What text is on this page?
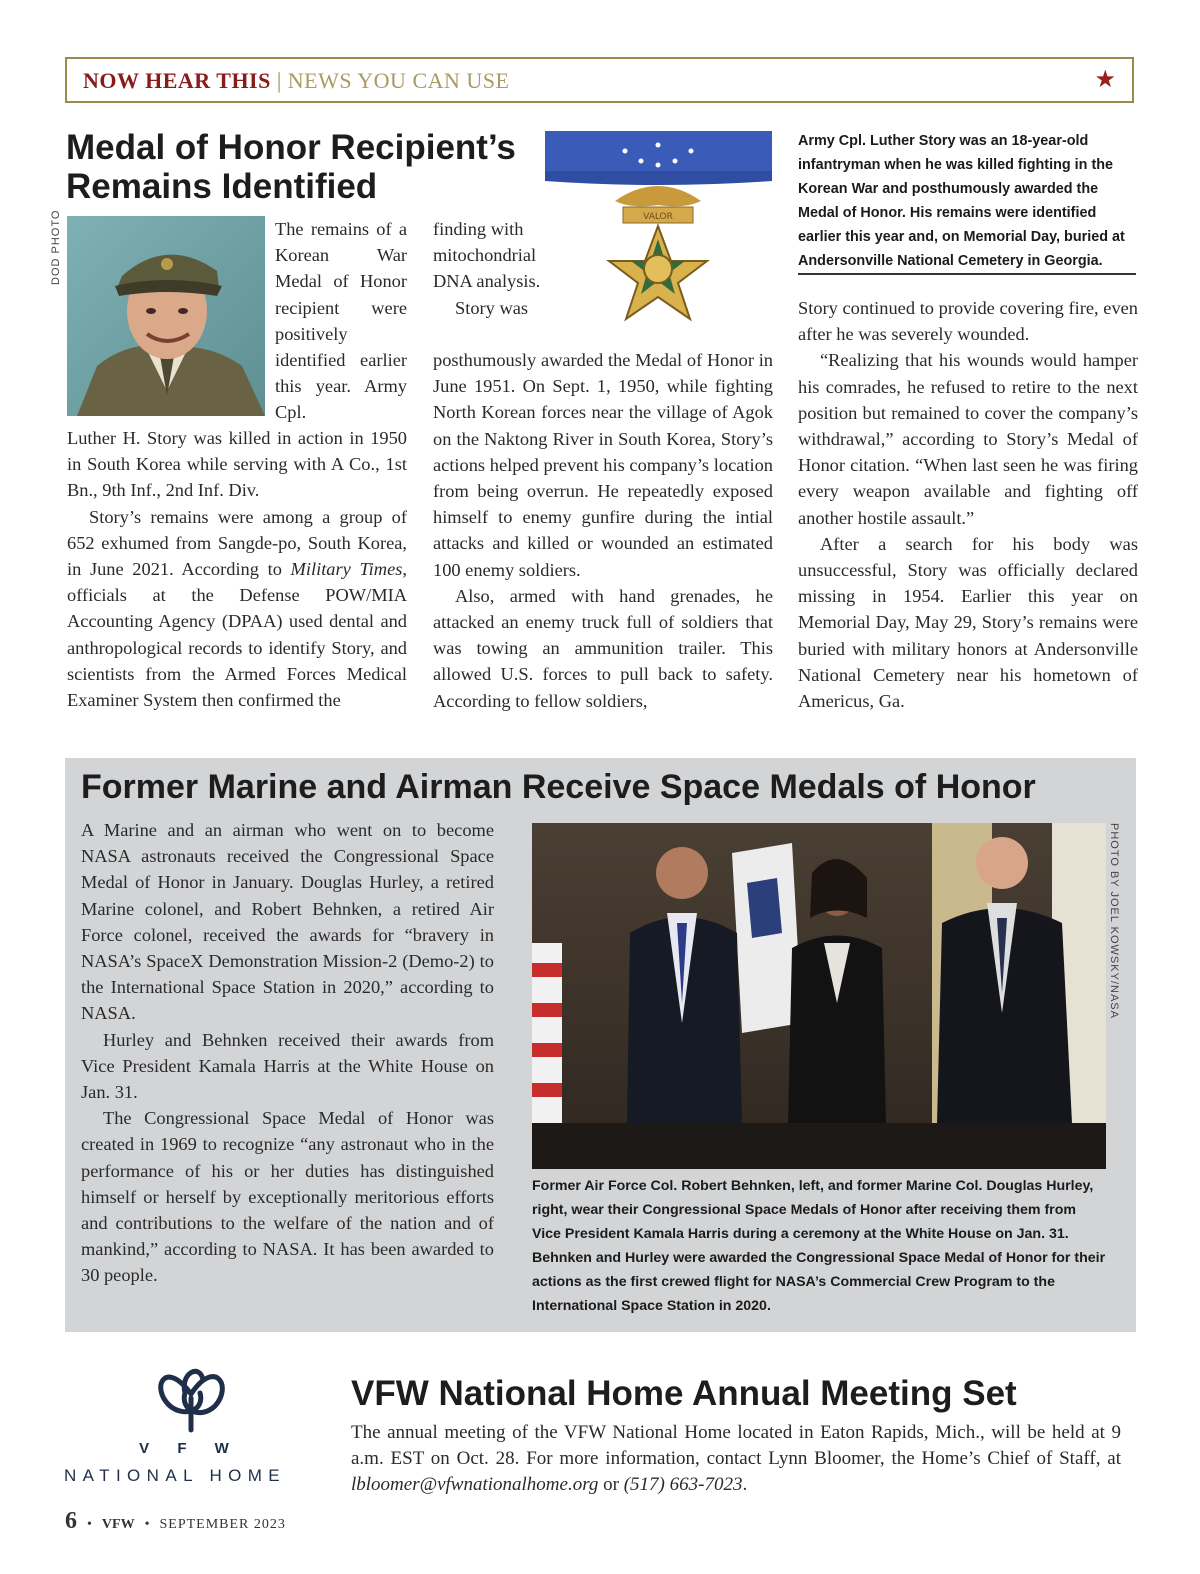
NOW HEAR THIS | NEWS YOU CAN USE	★
Medal of Honor Recipient’s
Remains Identified
DOD PHOTO	The remains of a Korean War Medal of Honor recipient were positively identified earlier this year. Army Cpl.

Luther H. Story was killed in action in 1950 in South Korea while serving with A Co., 1st Bn., 9th Inf., 2nd Inf. Div.

Story’s remains were among a group of 652 exhumed from Sangde-po, South Korea, in June 2021. According to Military Times, officials at the Defense POW/MIA Accounting Agency (DPAA) used dental and anthropological records to identify Story, and scientists from the Armed Forces Medical Examiner System then confirmed the

VALOR

finding with mitochondrial DNA analysis.

Story was

posthumously awarded the Medal of Honor in June 1951. On Sept. 1, 1950, while fighting North Korean forces near the village of Agok on the Naktong River in South Korea, Story’s actions helped prevent his company’s location from being overrun. He repeatedly exposed himself to enemy gunfire during the intial attacks and killed or wounded an estimated 100 enemy soldiers.

Also, armed with hand grenades, he attacked an enemy truck full of soldiers that was towing an ammunition trailer. This allowed U.S. forces to pull back to safety. According to fellow soldiers,

Army Cpl. Luther Story was an 18-year-old infantryman when he was killed fighting in the Korean War and posthumously awarded the Medal of Honor. His remains were identified earlier this year and, on Memorial Day, buried at Andersonville National Cemetery in Georgia.

Story continued to provide covering fire, even after he was severely wounded.

“Realizing that his wounds would hamper his comrades, he refused to retire to the next position but remained to cover the company’s withdrawal,” according to Story’s Medal of Honor citation. “When last seen he was firing every weapon available and fighting off another hostile assault.”

After a search for his body was unsuccessful, Story was officially declared missing in 1954. Earlier this year on Memorial Day, May 29, Story’s remains were buried with military honors at Andersonville National Cemetery near his hometown of Americus, Ga.

Former Marine and Airman Receive Space Medals of Honor

A Marine and an airman who went on to become NASA astronauts received the Congressional Space Medal of Honor in January. Douglas Hurley, a retired Marine colonel, and Robert Behnken, a retired Air Force colonel, received the awards for “bravery in NASA’s SpaceX Demonstration Mission-2 (Demo-2) to the International Space Station in 2020,” according to NASA.

Hurley and Behnken received their awards from Vice President Kamala Harris at the White House on Jan. 31.

The Congressional Space Medal of Honor was created in 1969 to recognize “any astronaut who in the performance of his or her duties has distinguished himself or herself by exceptionally meritorious efforts and contributions to the welfare of the nation and of mankind,” according to NASA. It has been awarded to 30 people.

PHOTO BY JOEL KOWSKY/NASA
Former Air Force Col. Robert Behnken, left, and former Marine Col. Douglas Hurley, right, wear their Congressional Space Medals of Honor after receiving them from Vice President Kamala Harris during a ceremony at the White House on Jan. 31. Behnken and Hurley were awarded the Congressional Space Medal of Honor for their actions as the first crewed flight for NASA’s Commercial Crew Program to the International Space Station in 2020.
V F W
NATIONAL HOME
VFW National Home Annual Meeting Set

The annual meeting of the VFW National Home located in Eaton Rapids, Mich., will be held at 9 a.m. EST on Oct. 28. For more information, contact Lynn Bloomer, the Home’s Chief of Staff, at lbloomer@vfwnationalhome.org or (517) 663-7023.

6 • VFW • SEPTEMBER 2023
